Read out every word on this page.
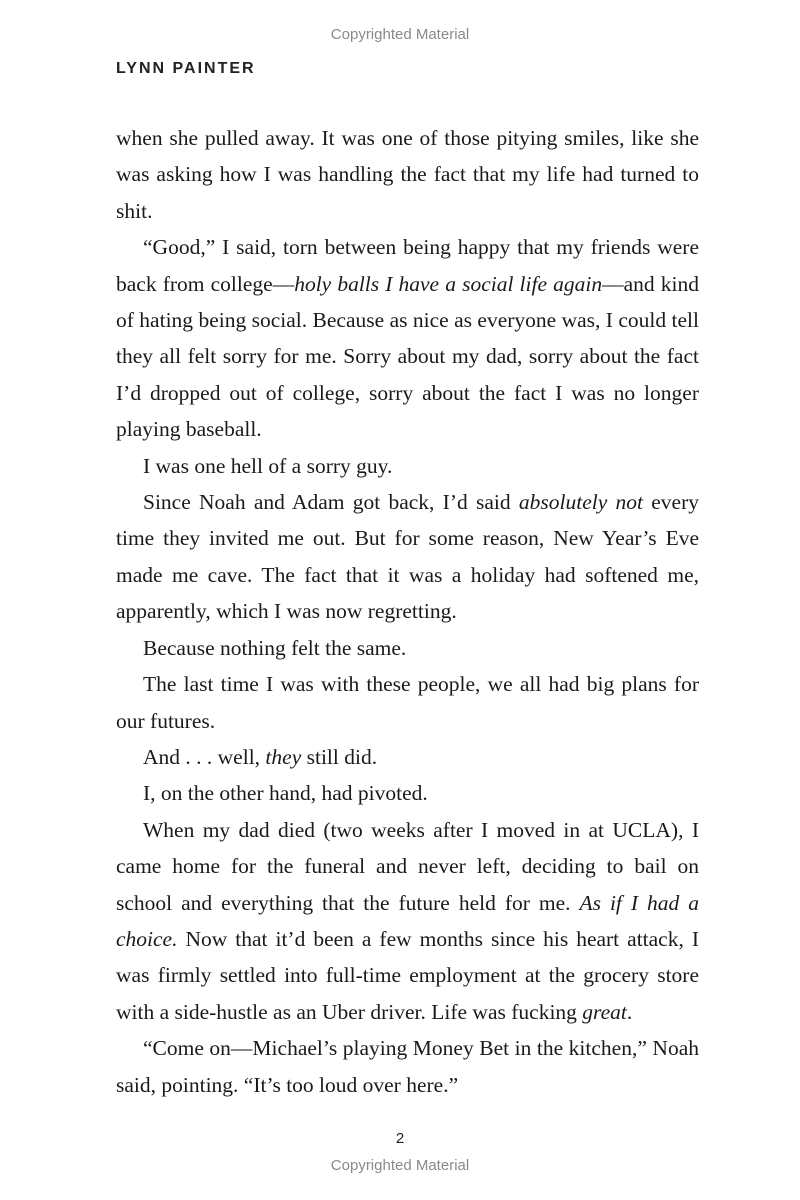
Copyrighted Material
LYNN PAINTER

when she pulled away. It was one of those pitying smiles, like she was asking how I was handling the fact that my life had turned to shit.

“Good,” I said, torn between being happy that my friends were back from college—holy balls I have a social life again—and kind of hating being social. Because as nice as everyone was, I could tell they all felt sorry for me. Sorry about my dad, sorry about the fact I’d dropped out of college, sorry about the fact I was no longer playing baseball.

I was one hell of a sorry guy.

Since Noah and Adam got back, I’d said absolutely not every time they invited me out. But for some reason, New Year’s Eve made me cave. The fact that it was a holiday had softened me, apparently, which I was now regretting.

Because nothing felt the same.

The last time I was with these people, we all had big plans for our futures.

And . . . well, they still did.

I, on the other hand, had pivoted.

When my dad died (two weeks after I moved in at UCLA), I came home for the funeral and never left, deciding to bail on school and everything that the future held for me. As if I had a choice. Now that it’d been a few months since his heart attack, I was firmly settled into full-time employment at the grocery store with a side-hustle as an Uber driver. Life was fucking great.

“Come on—Michael’s playing Money Bet in the kitchen,” Noah said, pointing. “It’s too loud over here.”

2
Copyrighted Material
